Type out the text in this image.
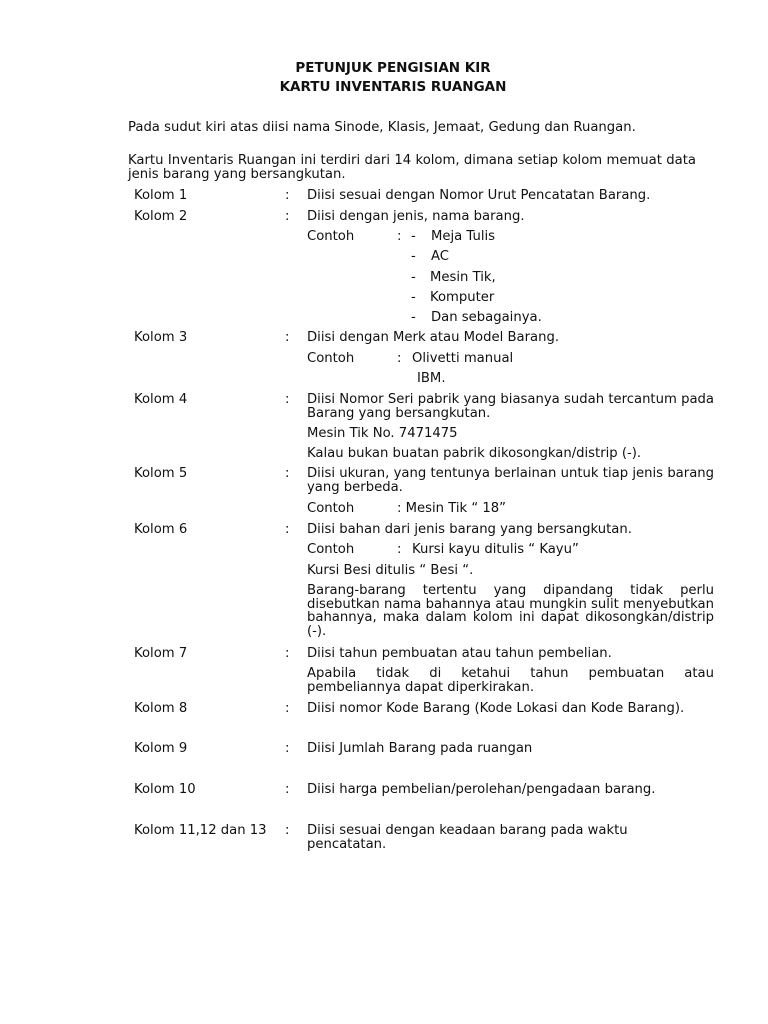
PETUNJUK PENGISIAN KIR
KARTU INVENTARIS RUANGAN
Pada sudut kiri atas diisi nama Sinode, Klasis, Jemaat, Gedung dan Ruangan.
Kartu Inventaris Ruangan ini terdiri dari 14 kolom, dimana setiap kolom memuat data jenis barang yang bersangkutan.
Kolom 1	: Diisi sesuai dengan Nomor Urut Pencatatan Barang.
Kolom 2	: Diisi dengan jenis, nama barang.
Contoh	: - Meja Tulis
- AC
- Mesin Tik,
- Komputer
- Dan sebagainya.
Kolom 3	: Diisi dengan Merk atau Model Barang.
Contoh	: Olivetti manual
IBM.
Kolom 4	: Diisi Nomor Seri pabrik yang biasanya sudah tercantum pada Barang yang bersangkutan.
Mesin Tik No. 7471475
Kalau bukan buatan pabrik dikosongkan/distrip (-).
Kolom 5	: Diisi ukuran, yang tentunya berlainan untuk tiap jenis barang yang berbeda.
Contoh	: Mesin Tik “ 18”
Kolom 6	: Diisi bahan dari jenis barang yang bersangkutan.
Contoh	: Kursi kayu ditulis “ Kayu”
Kursi Besi ditulis “ Besi “.
Barang-barang tertentu yang dipandang tidak perlu disebutkan nama bahannya atau mungkin sulit menyebutkan bahannya, maka dalam kolom ini dapat dikosongkan/distrip (-).
Kolom 7	: Diisi tahun pembuatan atau tahun pembelian.
Apabila tidak di ketahui tahun pembuatan atau pembeliannya dapat diperkirakan.
Kolom 8	: Diisi nomor Kode Barang (Kode Lokasi dan Kode Barang).
Kolom 9	: Diisi Jumlah Barang pada ruangan
Kolom 10	: Diisi harga pembelian/perolehan/pengadaan barang.
Kolom 11,12 dan 13	: Diisi sesuai dengan keadaan barang pada waktu pencatatan.
